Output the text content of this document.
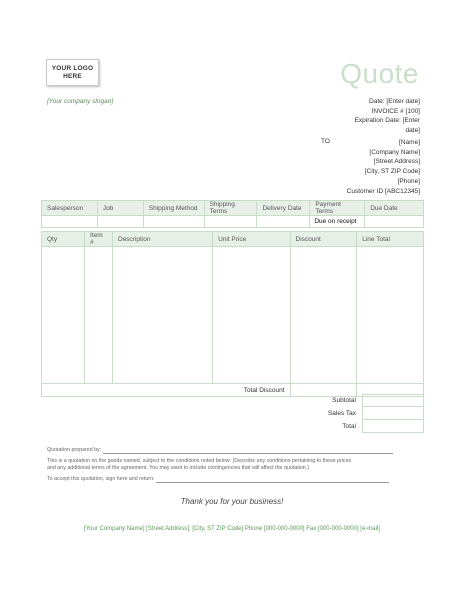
YOUR LOGO
HERE	Quote
[Your company slogan]	Date: [Enter date]
INVOICE # [100]
Expiration Date: [Enter date]
TO	[Name]
[Company Name]
[Street Address]
[City, ST ZIP Code]
[Phone]
Customer ID [ABC12345]
Salesperson	Job	Shipping Method	Shipping Terms	Delivery Date	Payment Terms	Due Date
					Due on receipt	
Qty	Item #	Description	Unit Price	Discount	Line Total

Total Discount					
Subtotal
Sales Tax
Total
Quotation prepared by:
This is a quotation on the goods named, subject to the conditions noted below: (Describe any conditions pertaining to these prices
and any additional terms of the agreement. You may want to include contingencies that will affect the quotation.)
To accept this quotation, sign here and return:
Thank you for your business!
[Your Company Name] [Street Address], [City, ST ZIP Code] Phone [000-000-0000] Fax [000-000-0000] [e-mail]
